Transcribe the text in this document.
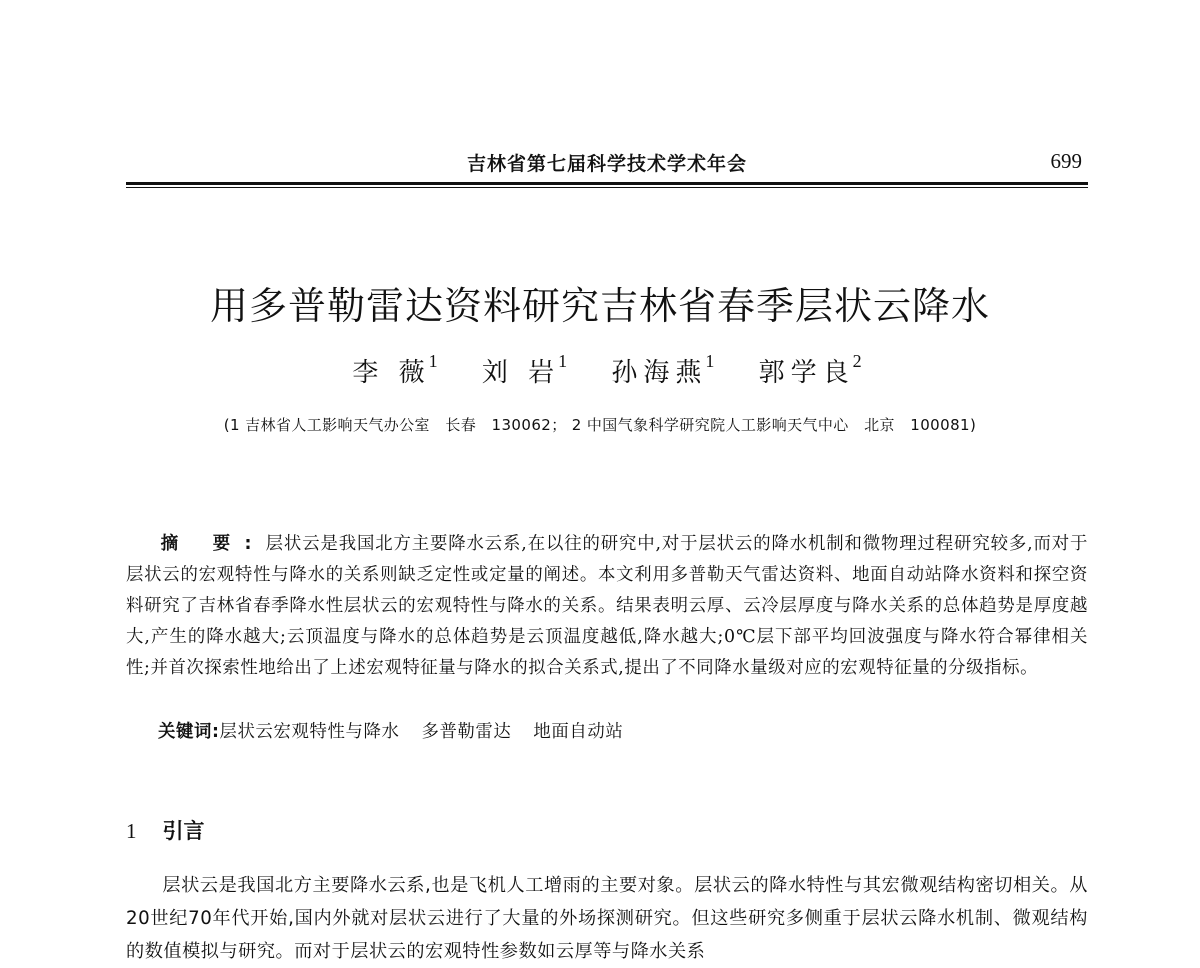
吉林省第七届科学技术学术年会	699
用多普勒雷达资料研究吉林省春季层状云降水
李 薇$^1$ 刘 岩$^1$ 孙海燕$^1$ 郭学良$^2$
(1 吉林省人工影响天气办公室　长春　130062； 2 中国气象科学研究院人工影响天气中心　北京　100081)

摘 要:层状云是我国北方主要降水云系,在以往的研究中,对于层状云的降水机制和微物理过程研究较多,而对于层状云的宏观特性与降水的关系则缺乏定性或定量的阐述。本文利用多普勒天气雷达资料、地面自动站降水资料和探空资料研究了吉林省春季降水性层状云的宏观特性与降水的关系。结果表明云厚、云冷层厚度与降水关系的总体趋势是厚度越大,产生的降水越大;云顶温度与降水的总体趋势是云顶温度越低,降水越大;0℃层下部平均回波强度与降水符合幂律相关性;并首次探索性地给出了上述宏观特征量与降水的拟合关系式,提出了不同降水量级对应的宏观特征量的分级指标。

关键词:层状云宏观特性与降水 多普勒雷达 地面自动站
1 引言

层状云是我国北方主要降水云系,也是飞机人工增雨的主要对象。层状云的降水特性与其宏微观结构密切相关。从20世纪70年代开始,国内外就对层状云进行了大量的外场探测研究。但这些研究多侧重于层状云降水机制、微观结构的数值模拟与研究。而对于层状云的宏观特性参数如云厚等与降水关系
